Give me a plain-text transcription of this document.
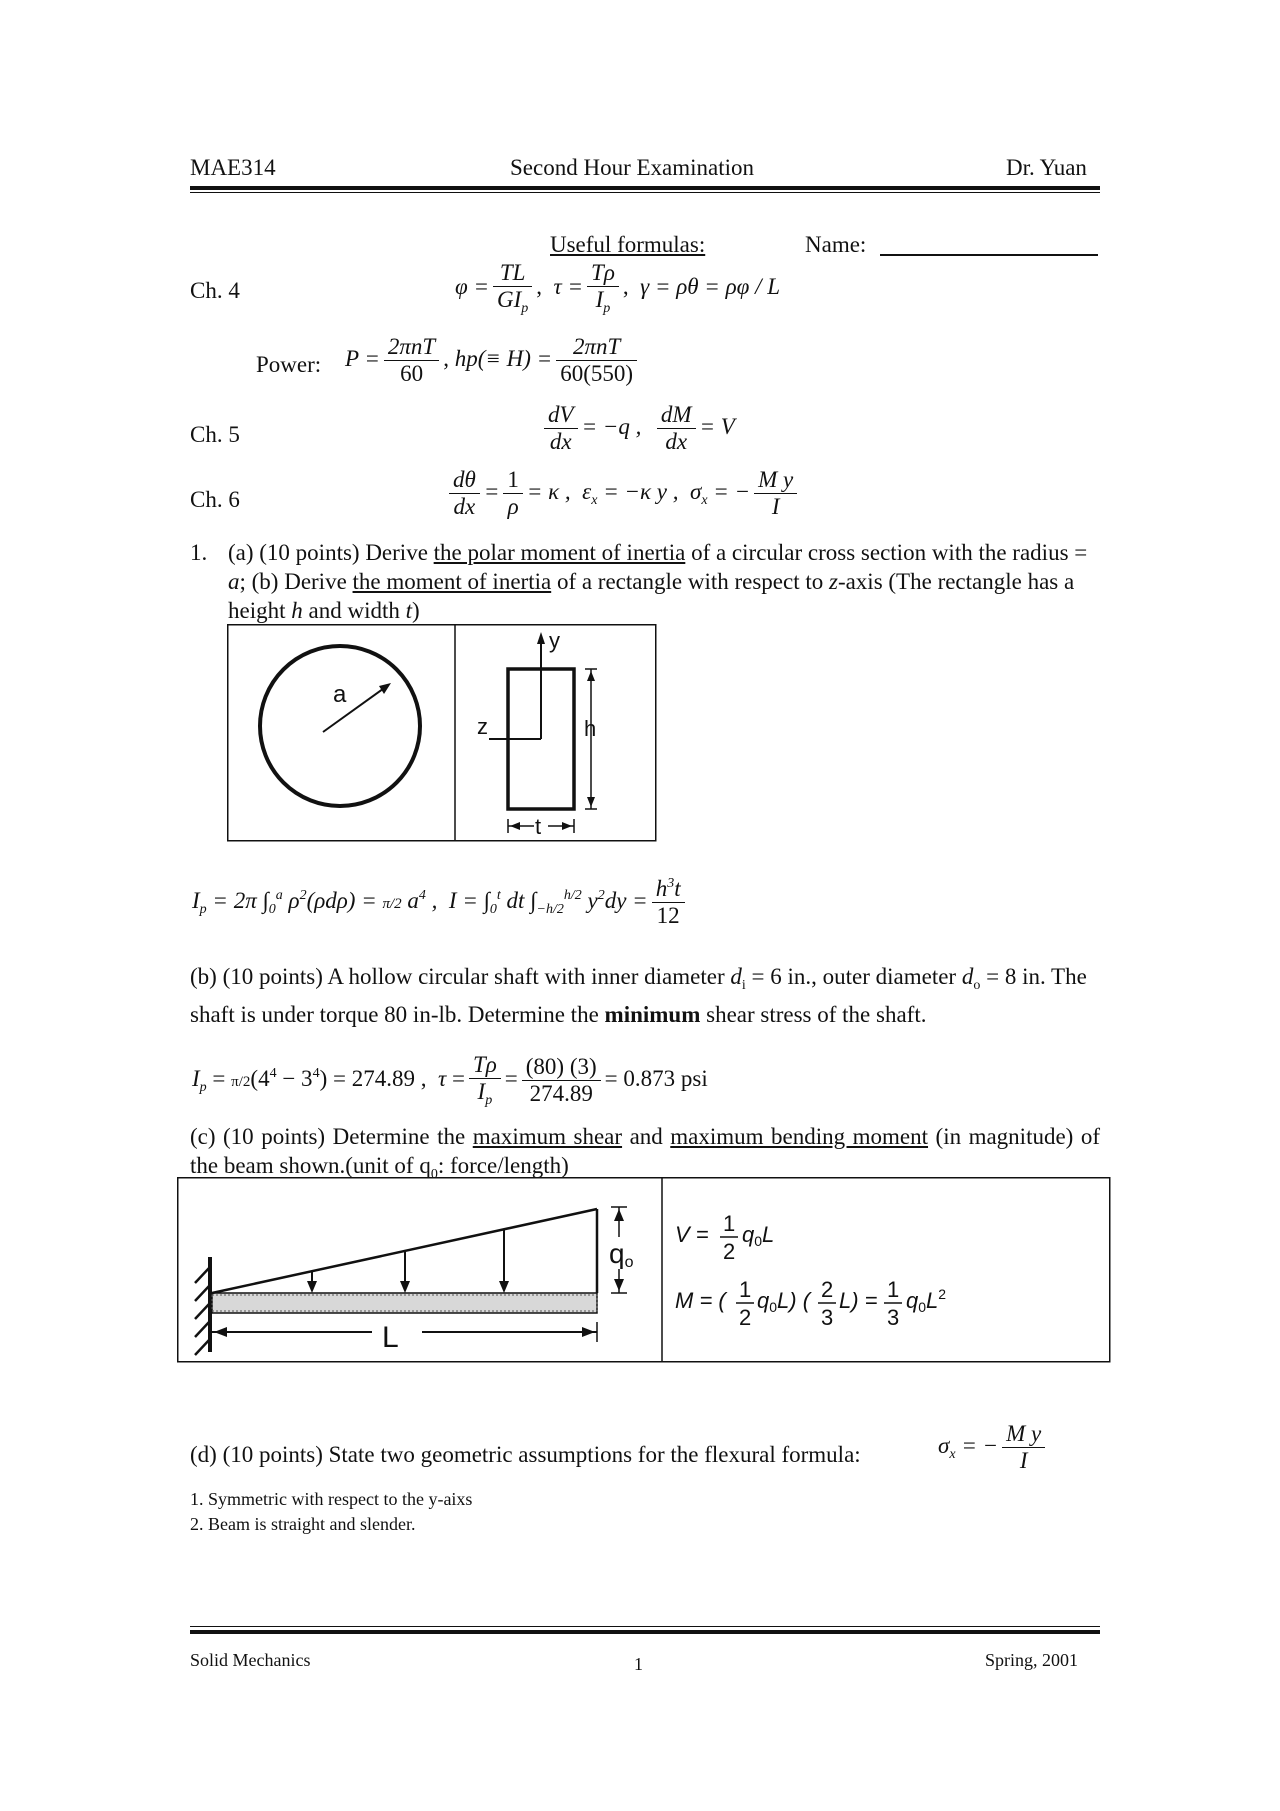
MAE314	Second Hour Examination	Dr. Yuan
Useful formulas:	Name:
Ch. 4	$\varphi = \frac{TL}{GI_p}$ ,  $\tau = \frac{T\rho}{I_p}$ ,  γ = ρθ = ρφ / L
Power: $P = \frac{\text{2πnT}}{60}$ , $hp(\equiv H) = \frac{\text{2πnT}}{60(550)}$
Ch. 5	$\frac{dV}{dx} = -q$ , $\frac{dM}{dx} = V$
Ch. 6	$\frac{d\theta}{dx} = \frac{1}{\rho} = \kappa$ ,  $\varepsilon_x = -\kappa$ y ,  $\sigma_x$ = − $\frac{\text{M y}}{I}$
1. (a) (10 points) Derive the polar moment of inertia of a circular cross section with the radius = a; (b) Derive the moment of inertia of a rectangle with respect to z-axis (The rectangle has a height h and width t)
a
y
z	h
t
$I_p = 2\pi$ $\int_0^a$ $\rho^2(\rho d\rho) = \pi/2$ $a^4$ ,  $I = \int_0^t$ dt $\int_{-h/2}^{h/2}$ $y^2dy = \frac{h^3t}{12}$
(b) (10 points) A hollow circular shaft with inner diameter $d_i = 6$ in., outer diameter $d_o = 8$ in. The shaft is under torque 80 in-lb. Determine the minimum shear stress of the shaft.
$I_p = \pi/2(4^4 - 3^4) = 274.89$ , $\tau = \frac{T\rho}{I_p} = \frac{(80) (3)}{274.89} = 0.873$ psi
(c) (10 points) Determine the maximum shear and maximum bending moment (in magnitude) of the beam shown.(unit of $q_0$: force/length)
qo
L
V = 1
2
q0L
M = ( 1
2
q0L) ( 2
3
L) = 1
3
$q0L^2$
(d) (10 points) State two geometric assumptions for the flexural formula:	$\sigma_x$ = − $\frac{\text{M y}}{I}$
1. Symmetric with respect to the y-aixs
2. Beam is straight and slender.
Solid Mechanics	1	Spring, 2001
